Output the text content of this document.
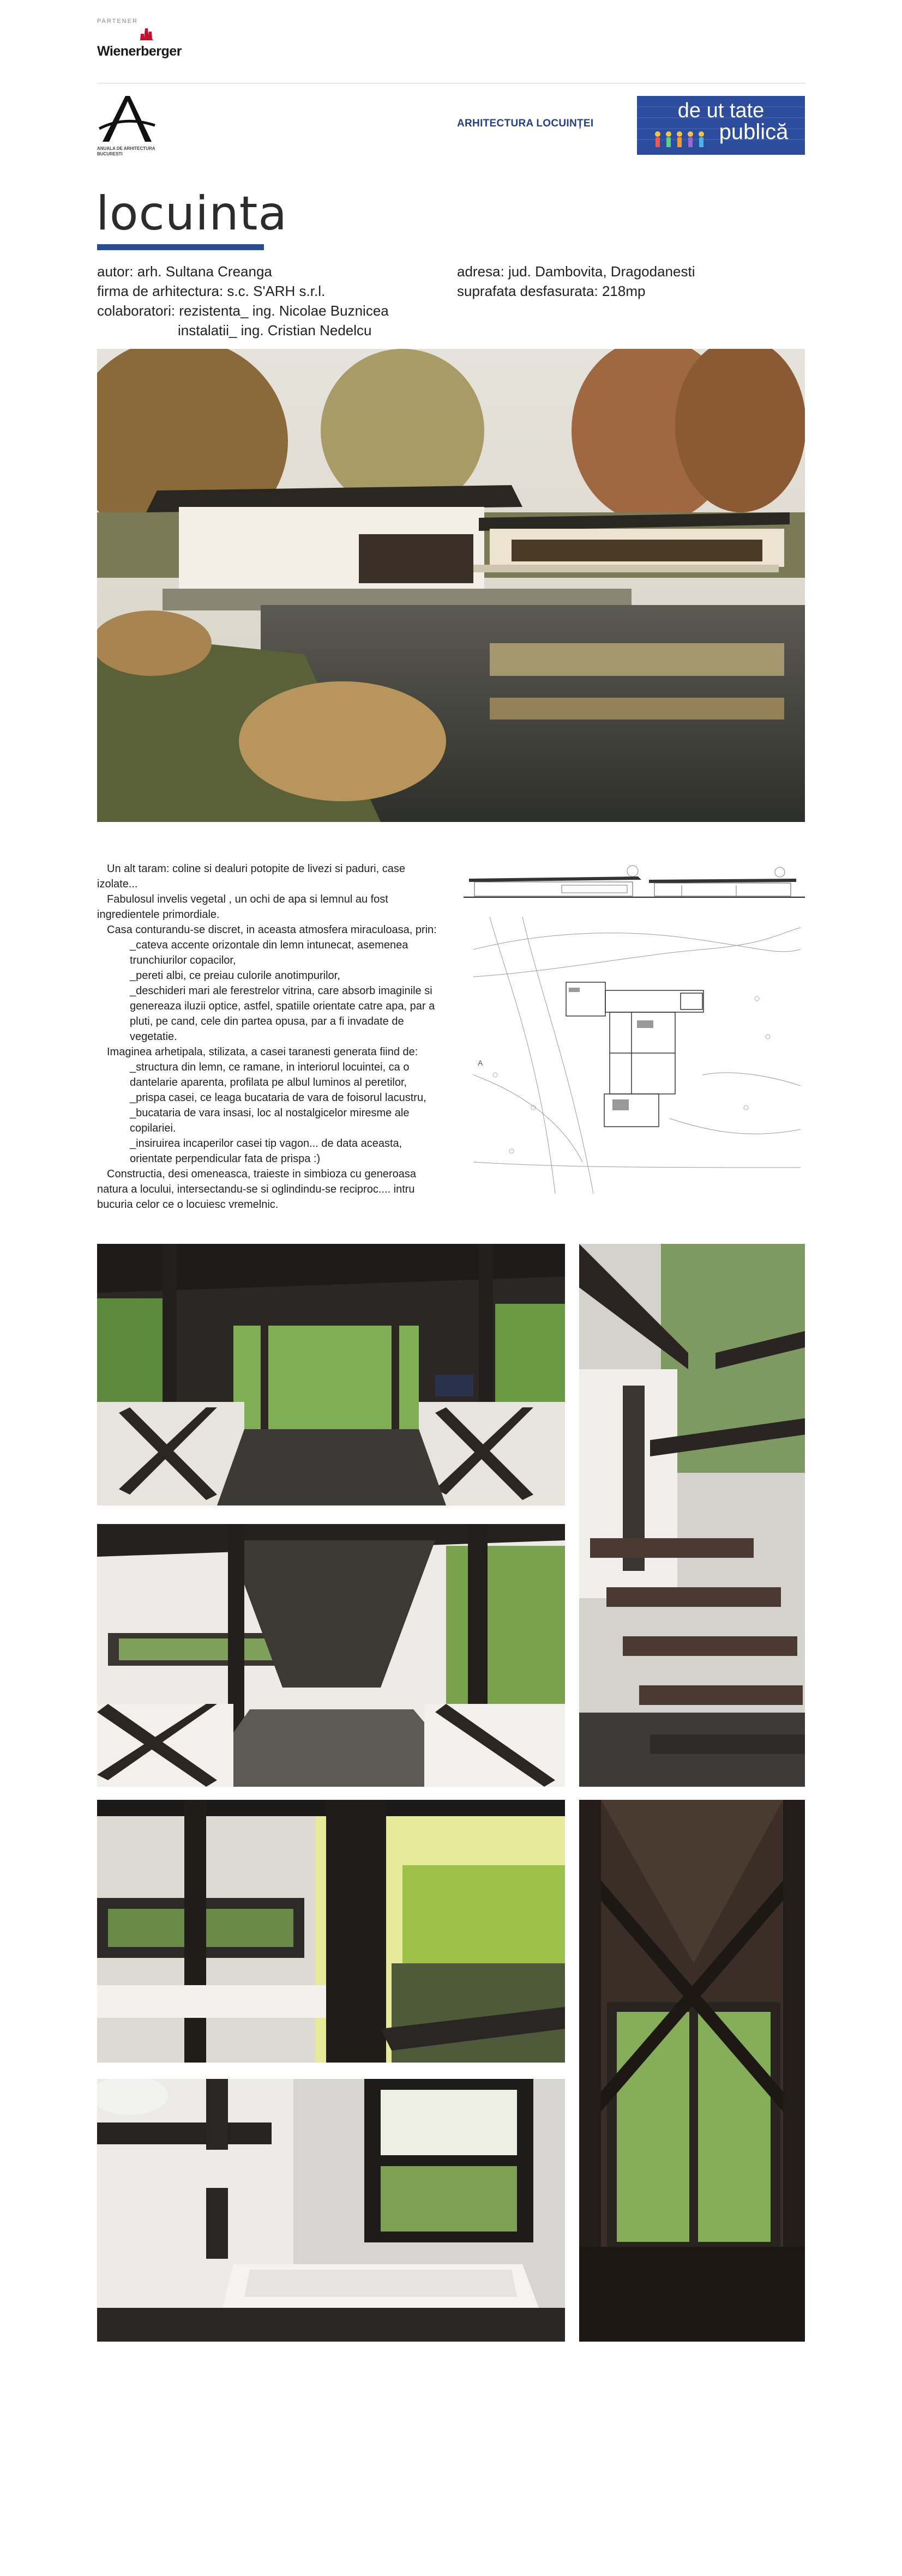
PARTENER
Wienerberger
ANUALA DE ARHITECTURA BUCURESTI
ARHITECTURA LOCUINȚEI
de ut tate
publică
locuinta
autor: arh. Sultana Creanga
firma de arhitectura: s.c. S'ARH s.r.l.
colaboratori: rezistenta_ ing. Nicolae Buznicea
instalatii_ ing. Cristian Nedelcu
adresa: jud. Dambovita, Dragodanesti
suprafata desfasurata: 218mp

Un alt taram: coline si dealuri potopite de livezi si paduri, case izolate...

Fabulosul invelis vegetal , un ochi de apa si lemnul au fost ingredientele primordiale.

Casa conturandu-se discret, in aceasta atmosfera miraculoasa, prin:

_cateva accente orizontale din lemn intunecat, asemenea trunchiurilor copacilor,

_pereti albi, ce preiau culorile anotimpurilor,

_deschideri mari ale ferestrelor vitrina, care absorb imaginile si genereaza iluzii optice, astfel, spatiile orientate catre apa, par a pluti, pe cand, cele din partea opusa, par a fi invadate de vegetatie.

Imaginea arhetipala, stilizata, a casei taranesti generata fiind de:

_structura din lemn, ce ramane, in interiorul locuintei, ca o dantelarie aparenta, profilata pe albul luminos al peretilor,

_prispa casei, ce leaga bucataria de vara de foisorul lacustru,

_bucataria de vara insasi, loc al nostalgicelor miresme ale copilariei.

_insiruirea incaperilor casei tip vagon... de data aceasta, orientate perpendicular fata de prispa :)

Constructia, desi omeneasca, traieste in simbioza cu generoasa natura a locului, intersectandu-se si oglindindu-se reciproc.... intru bucuria celor ce o locuiesc vremelnic.

A
